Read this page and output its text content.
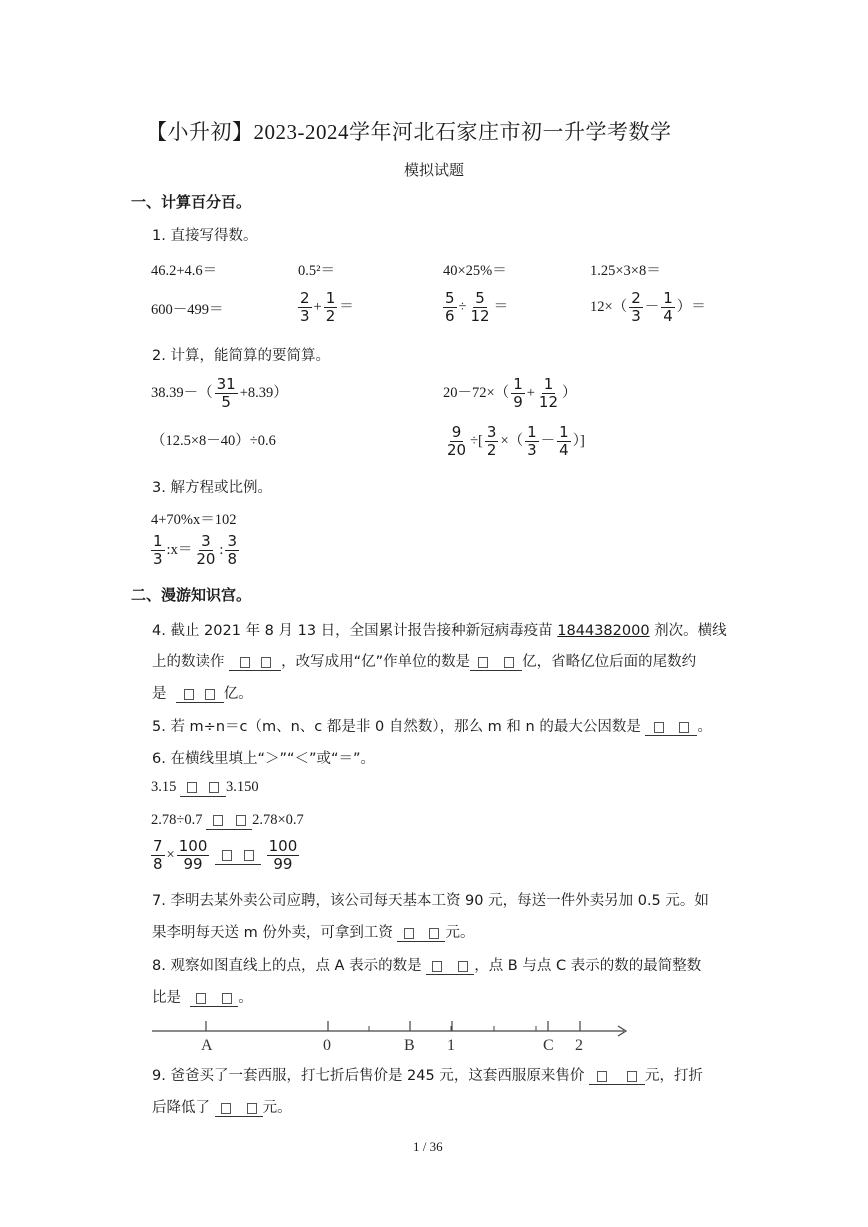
【小升初】2023-2024学年河北石家庄市初一升学考数学
模拟试题
一、计算百分百。
1. 直接写得数。
46.2+4.6＝	0.5²＝	40×25%＝	1.25×3×8＝
600－499＝	$\frac{2}{3} + \frac{1}{2}$ ＝	$\frac{5}{6} \div \frac{5}{12}$ ＝	$12\times( \frac{2}{3} - \frac{1}{4}$ ）＝
2. 计算，能简算的要简算。
$38.39-( \frac{31}{5} +8.39)$	$20-72\times( \frac{1}{9} + \frac{1}{12}$ ）
（12.5×8－40）÷0.6	$\frac{9}{20}$ ÷[ $\frac{3}{2}$ ×（ $\frac{1}{3} - \frac{1}{4}$ ）]
3. 解方程或比例。
4+70%x＝102
$\frac{1}{3}$ :x＝ $\frac{3}{20}$ : $\frac{3}{8}$
二、漫游知识宫。
4. 截止 2021 年 8 月 13 日，全国累计报告接种新冠病毒疫苗 1844382000 剂次。横线
上的数读作	，改写成用“亿”作单位的数是	亿，省略亿位后面的尾数约
是	亿。
5. 若 m÷n＝c（m、n、c 都是非 0 自然数），那么 m 和 n 的最大公因数是	。
6. 在横线里填上“＞”“＜”或“＝”。
3.15	3.150
2.78÷0.7	2.78×0.7
$\frac{7}{8} \times \frac{100}{99}$
	$\frac{100}{99}$
7. 李明去某外卖公司应聘，该公司每天基本工资 90 元，每送一件外卖另加 0.5 元。如
果李明每天送 m 份外卖，可拿到工资	元。
8. 观察如图直线上的点，点 A 表示的数是	，点 B 与点 C 表示的数的最简整数
比是	。
A	0	B 1	C 2
9. 爸爸买了一套西服，打七折后售价是 245 元，这套西服原来售价	元，打折
后降低了	元。
1 / 36
